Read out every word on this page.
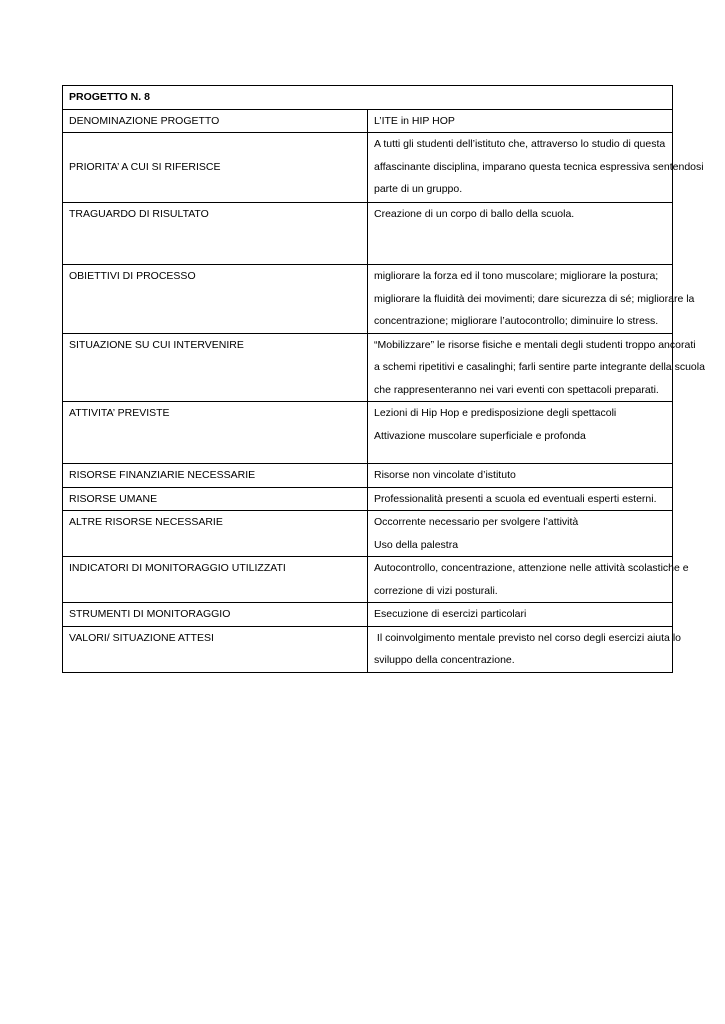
PROGETTO N. 8	
DENOMINAZIONE PROGETTO	L’ITE in HIP HOP

PRIORITA’ A CUI SI RIFERISCE	A tutti gli studenti dell’istituto che, attraverso lo studio di questa
affascinante disciplina, imparano questa tecnica espressiva sentendosi
parte di un gruppo.

TRAGUARDO DI RISULTATO	Creazione di un corpo di ballo della scuola.

OBIETTIVI DI PROCESSO	migliorare la forza ed il tono muscolare; migliorare la postura;
migliorare la fluidità dei movimenti; dare sicurezza di sé; migliorare la
concentrazione; migliorare l’autocontrollo; diminuire lo stress.

SITUAZIONE SU CUI INTERVENIRE	“Mobilizzare” le risorse fisiche e mentali degli studenti troppo ancorati
a schemi ripetitivi e casalinghi; farli sentire parte integrante della scuola
che rappresenteranno nei vari eventi con spettacoli preparati.

ATTIVITA’ PREVISTE	Lezioni di Hip Hop e predisposizione degli spettacoli
Attivazione muscolare superficiale e profonda

RISORSE FINANZIARIE NECESSARIE	Risorse non vincolate d’istituto

RISORSE UMANE	Professionalità presenti a scuola ed eventuali esperti esterni.

ALTRE RISORSE NECESSARIE	Occorrente necessario per svolgere l’attività
Uso della palestra

INDICATORI DI MONITORAGGIO UTILIZZATI	Autocontrollo, concentrazione, attenzione nelle attività scolastiche e
correzione di vizi posturali.

STRUMENTI DI MONITORAGGIO	Esecuzione di esercizi particolari

VALORI/ SITUAZIONE ATTESI	Il coinvolgimento mentale previsto nel corso degli esercizi aiuta lo
sviluppo della concentrazione.
